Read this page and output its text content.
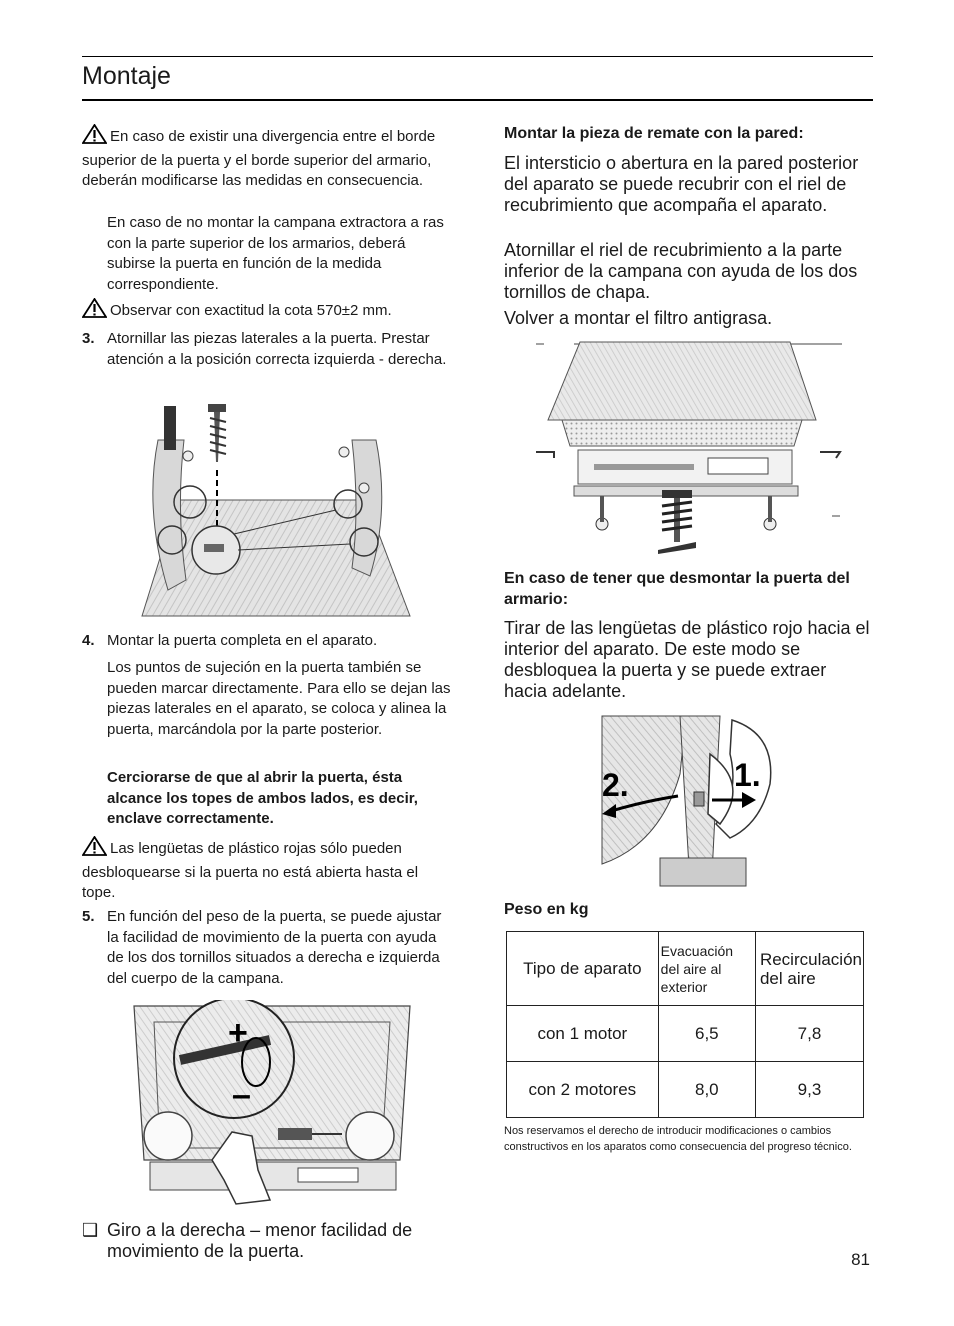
Montaje
En caso de existir una divergencia entre el borde superior de la puerta y el borde superior del armario, deberán modificarse las medidas en consecuencia.
En caso de no montar la campana extractora a ras con la parte superior de los armarios, deberá subirse la puerta en función de la medida correspondiente.
Observar con exactitud la cota 570±2 mm.
3. Atornillar las piezas laterales a la puerta. Prestar atención a la posición correcta izquierda - derecha.
4. Montar la puerta completa en el aparato.
Los puntos de sujeción en la puerta también se pueden marcar directamente. Para ello se dejan las piezas laterales en el aparato, se coloca y alinea la puerta, marcándola por la parte posterior.
Cerciorarse de que al abrir la puerta, ésta alcance los topes de ambos lados, es decir, enclave correctamente.
Las lengüetas de plástico rojas sólo pueden desbloquearse si la puerta no está abierta hasta el tope.
5. En función del peso de la puerta, se puede ajustar la facilidad de movimiento de la puerta con ayuda de los dos tornillos situados a derecha e izquierda del cuerpo de la campana.
+
–
❑ Giro a la derecha – menor facilidad de movimiento de la puerta.
Montar la pieza de remate con la pared:
El intersticio o abertura en la pared posterior del aparato se puede recubrir con el riel de recubrimiento que acompaña el aparato.
Atornillar el riel de recubrimiento a la parte inferior de la campana con ayuda de los dos tornillos de chapa.
Volver a montar el filtro antigrasa.
En caso de tener que desmontar la puerta del armario:
Tirar de las lengüetas de plástico rojo hacia el interior del aparato. De este modo se desbloquea la puerta y se puede extraer hacia adelante.
2.	1.
Peso en kg
Tipo de aparato	Evacuación del aire al exterior	Recirculación del aire
con 1 motor	6,5	7,8
con 2 motores	8,0	9,3
Nos reservamos el derecho de introducir modificaciones o cambios constructivos en los aparatos como consecuencia del progreso técnico.
81
